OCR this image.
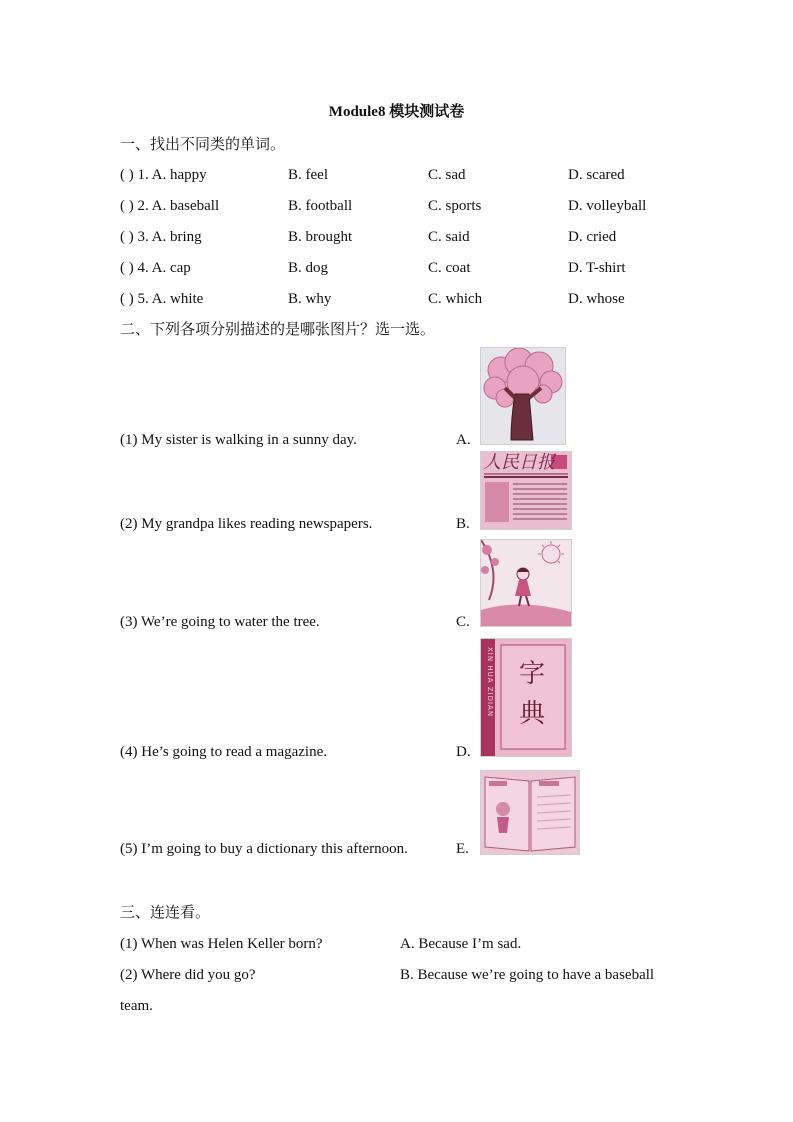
Module8 模块测试卷
一、找出不同类的单词。
( ) 1. A. happy	B. feel	C. sad	D. scared
( ) 2. A. baseball	B. football	C. sports	D. volleyball
( ) 3. A. bring	B. brought	C. said	D. cried
( ) 4. A. cap	B. dog	C. coat	D. T-shirt
( ) 5. A. white	B. why	C. which	D. whose
二、下列各项分别描述的是哪张图片？选一选。
(1) My sister is walking in a sunny day.	A.
(2) My grandpa likes reading newspapers.	B.
(3) We’re going to water the tree.	C.
(4) He’s going to read a magazine.	D.
(5) I’m going to buy a dictionary this afternoon.	E.
人民日报
XIN HUA ZIDIAN 字
典
三、连连看。
(1) When was Helen Keller born?	A. Because I’m sad.
(2) Where did you go?	B. Because we’re going to have a baseball
team.
